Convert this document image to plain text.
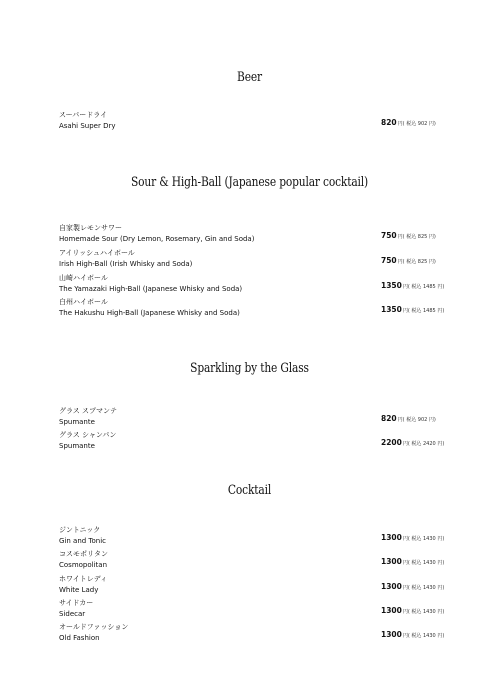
Beer
スーパードライ
Asahi Super Dry	820円( 税込 902 円)
Sour & High-Ball (Japanese popular cocktail)
自家製レモンサワー
Homemade Sour (Dry Lemon, Rosemary, Gin and Soda)	750円( 税込 825 円)
アイリッシュハイボール
Irish High-Ball (Irish Whisky and Soda)	750円( 税込 825 円)
山崎ハイボール
The Yamazaki High-Ball (Japanese Whisky and Soda)	1350円( 税込 1485 円)
白州ハイボール
The Hakushu High-Ball (Japanese Whisky and Soda)	1350円( 税込 1485 円)
Sparkling by the Glass
グラス スプマンテ
Spumante	820円( 税込 902 円)
グラス シャンパン
Spumante	2200円( 税込 2420 円)
Cocktail
ジントニック
Gin and Tonic	1300円( 税込 1430 円)
コスモポリタン
Cosmopolitan	1300円( 税込 1430 円)
ホワイトレディ
White Lady	1300円( 税込 1430 円)
サイドカー
Sidecar	1300円( 税込 1430 円)
オールドファッション
Old Fashion	1300円( 税込 1430 円)
